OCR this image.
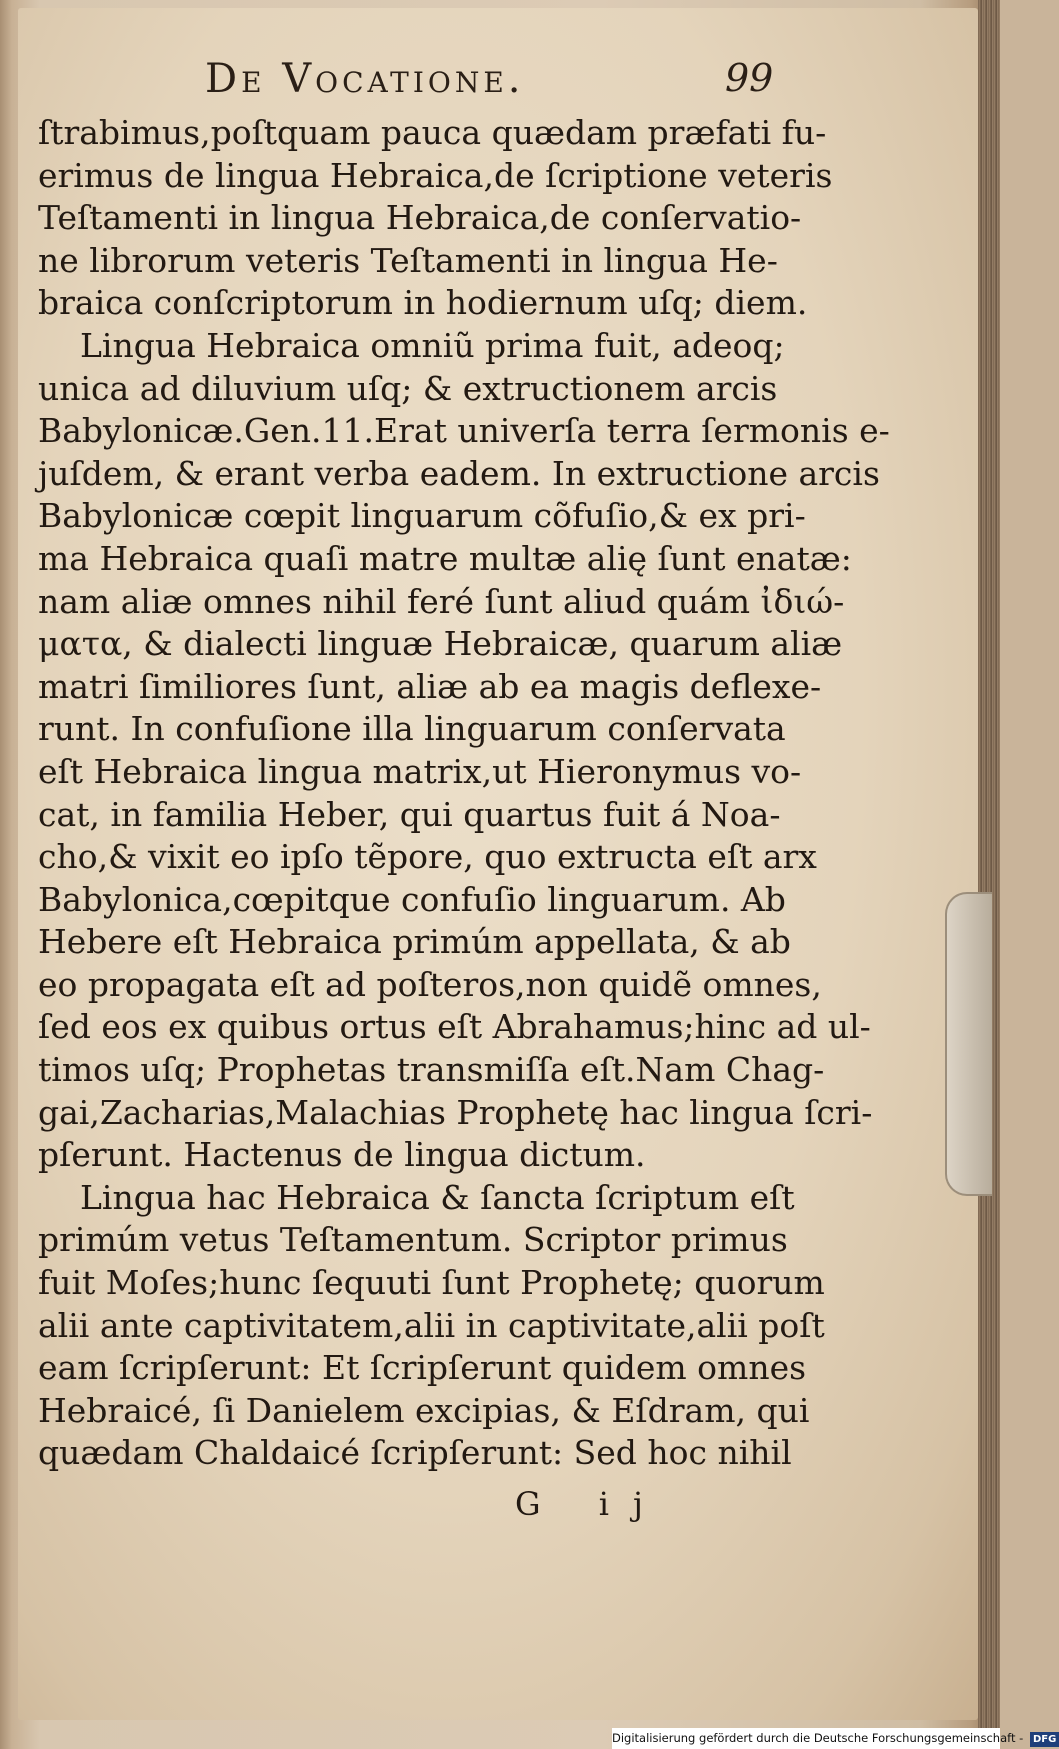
De Vocatione.	99
ſtrabimus,poſtquam pauca quædam præfati fu-
erimus de lingua Hebraica,de ſcriptione veteris
Teſtamenti in lingua Hebraica,de conſervatio-
ne librorum veteris Teſtamenti in lingua He-
braica conſcriptorum in hodiernum uſq; diem.
Lingua Hebraica omniũ prima fuit, adeoq;
unica ad diluvium uſq; & extructionem arcis
Babylonicæ.Gen.11.Erat univerſa terra ſermonis e-
juſdem, & erant verba eadem. In extructione arcis
Babylonicæ cœpit linguarum cõfuſio,& ex pri-
ma Hebraica quaſi matre multæ alię ſunt enatæ:
nam aliæ omnes nihil feré ſunt aliud quám ἰδιώ-
ματα, & dialecti linguæ Hebraicæ, quarum aliæ
matri ſimiliores ſunt, aliæ ab ea magis deflexe-
runt. In confuſione illa linguarum conſervata
eſt Hebraica lingua matrix,ut Hieronymus vo-
cat, in familia Heber, qui quartus fuit á Noa-
cho,& vixit eo ipſo tẽpore, quo extructa eſt arx
Babylonica,cœpitque confuſio linguarum. Ab
Hebere eſt Hebraica primúm appellata, & ab
eo propagata eſt ad poſteros,non quidẽ omnes,
ſed eos ex quibus ortus eſt Abrahamus;hinc ad ul-
timos uſq; Prophetas transmiſſa eſt.Nam Chag-
gai,Zacharias,Malachias Prophetę hac lingua ſcri-
pſerunt. Hactenus de lingua dictum.
Lingua hac Hebraica & ſancta ſcriptum eſt
primúm vetus Teſtamentum. Scriptor primus
fuit Moſes;hunc ſequuti ſunt Prophetę; quorum
alii ante captivitatem,alii in captivitate,alii poſt
eam ſcripſerunt: Et ſcripſerunt quidem omnes
Hebraicé, ſi Danielem excipias, & Eſdram, qui
quædam Chaldaicé ſcripſerunt: Sed hoc nihil
G ij
Digitalisierung gefördert durch die Deutsche Forschungsgemeinschaft - DFG
